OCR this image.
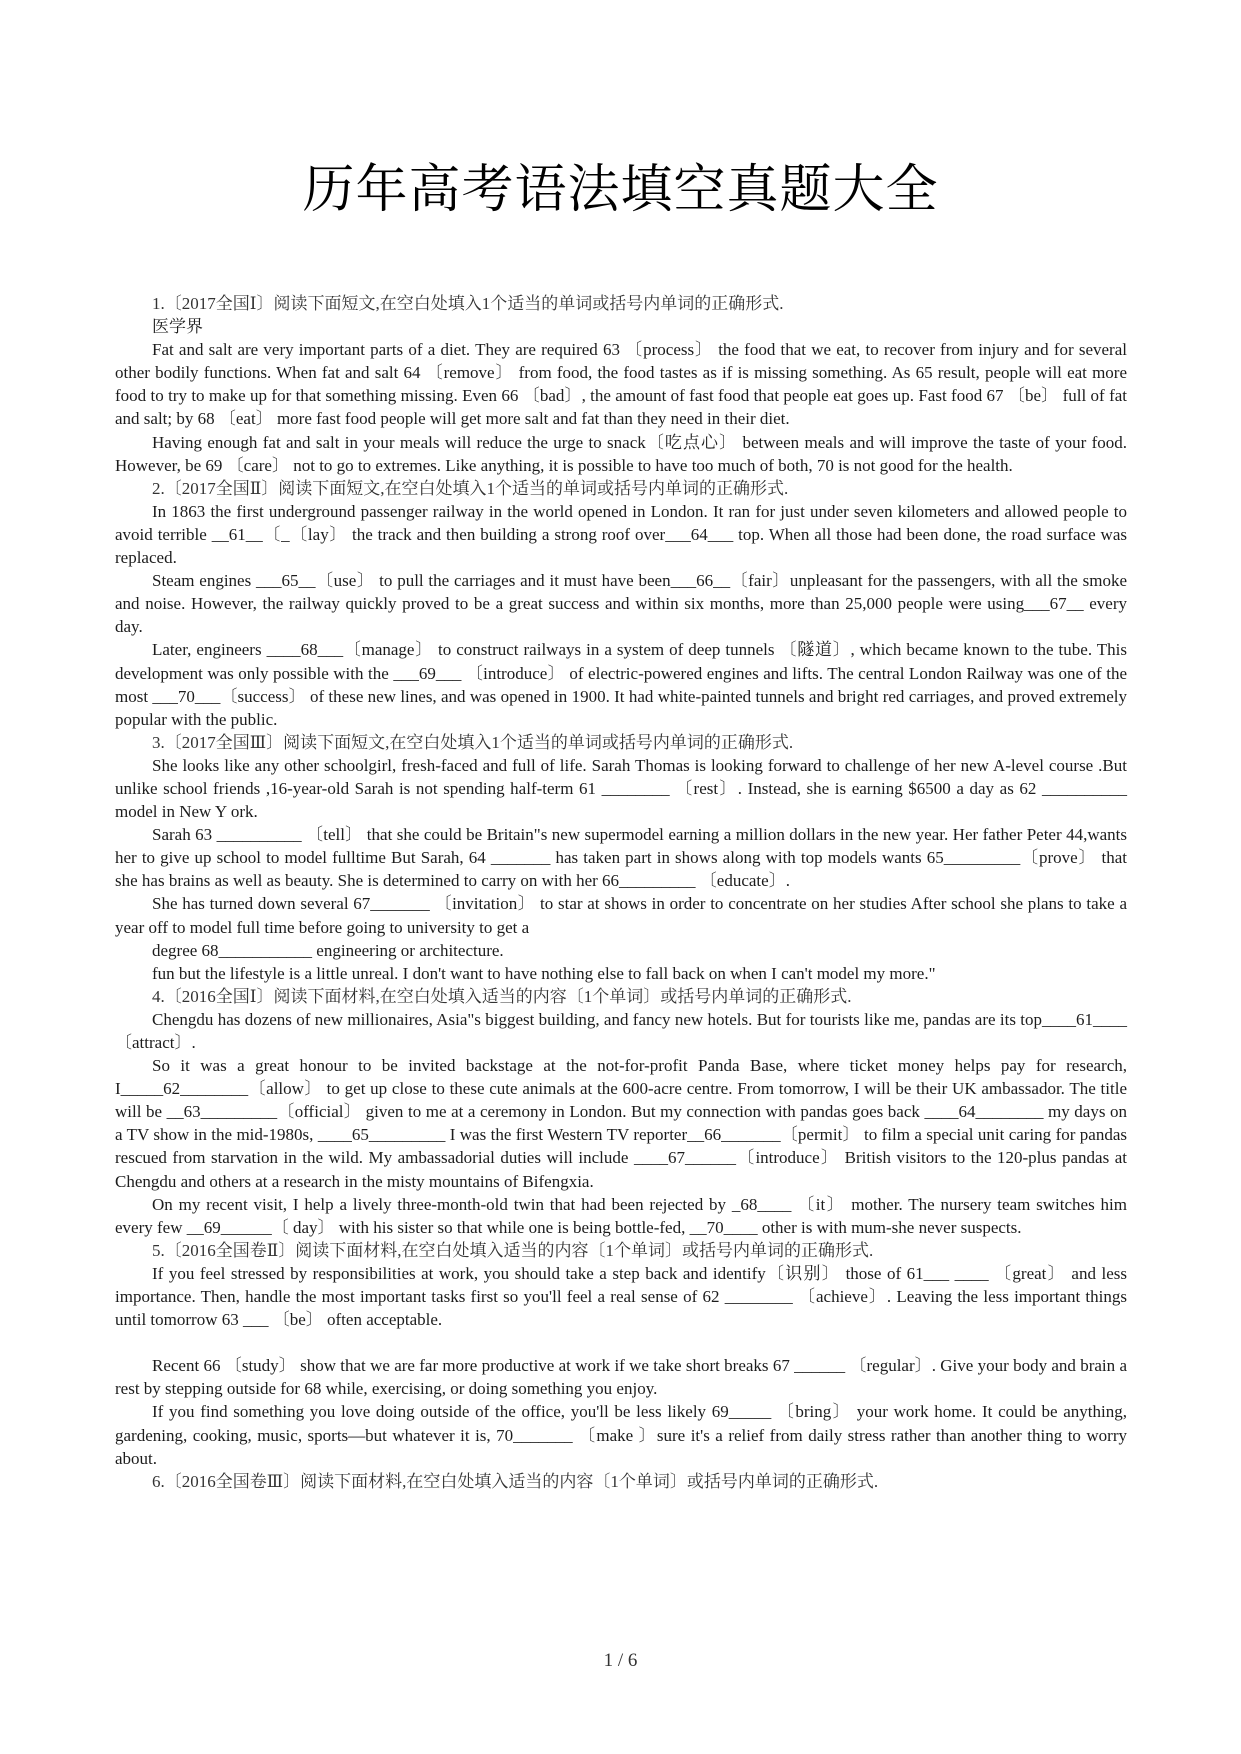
历年高考语法填空真题大全

1.〔2017全国Ⅰ〕阅读下面短文,在空白处填入1个适当的单词或括号内单词的正确形式.

医学界

Fat and salt are very important parts of a diet. They are required 63 〔process〕 the food that we eat, to recover from injury and for several other bodily functions. When fat and salt 64 〔remove〕 from food, the food tastes as if is missing something. As 65 result, people will eat more food to try to make up for that something missing. Even 66 〔bad〕, the amount of fast food that people eat goes up. Fast food 67 〔be〕 full of fat and salt; by 68 〔eat〕 more fast food people will get more salt and fat than they need in their diet.

Having enough fat and salt in your meals will reduce the urge to snack〔吃点心〕 between meals and will improve the taste of your food. However, be 69 〔care〕 not to go to extremes. Like anything, it is possible to have too much of both, 70 is not good for the health.

2.〔2017全国Ⅱ〕阅读下面短文,在空白处填入1个适当的单词或括号内单词的正确形式.

In 1863 the first underground passenger railway in the world opened in London. It ran for just under seven kilometers and allowed people to avoid terrible __61__〔_〔lay〕 the track and then building a strong roof over___64___ top. When all those had been done, the road surface was replaced.

Steam engines ___65__〔use〕 to pull the carriages and it must have been___66__〔fair〕unpleasant for the passengers, with all the smoke and noise. However, the railway quickly proved to be a great success and within six months, more than 25,000 people were using___67__ every day.

Later, engineers ____68___〔manage〕 to construct railways in a system of deep tunnels 〔隧道〕, which became known to the tube. This development was only possible with the ___69___ 〔introduce〕 of electric-powered engines and lifts. The central London Railway was one of the most ___70___〔success〕 of these new lines, and was opened in 1900. It had white-painted tunnels and bright red carriages, and proved extremely popular with the public.

3.〔2017全国Ⅲ〕阅读下面短文,在空白处填入1个适当的单词或括号内单词的正确形式.

She looks like any other schoolgirl, fresh-faced and full of life. Sarah Thomas is looking forward to challenge of her new A-level course .But unlike school friends ,16-year-old Sarah is not spending half-term 61 ________ 〔rest〕. Instead, she is earning $6500 a day as 62 __________ model in New Y ork.

Sarah 63 __________ 〔tell〕 that she could be Britain"s new supermodel earning a million dollars in the new year. Her father Peter 44,wants her to give up school to model fulltime But Sarah, 64 _______ has taken part in shows along with top models wants 65_________〔prove〕 that she has brains as well as beauty. She is determined to carry on with her 66_________ 〔educate〕.

She has turned down several 67_______ 〔invitation〕 to star at shows in order to concentrate on her studies After school she plans to take a year off to model full time before going to university to get a

degree 68___________ engineering or architecture.

fun but the lifestyle is a little unreal. I don't want to have nothing else to fall back on when I can't model my more."

4.〔2016全国Ⅰ〕阅读下面材料,在空白处填入适当的内容〔1个单词〕或括号内单词的正确形式.

Chengdu has dozens of new millionaires, Asia"s biggest building, and fancy new hotels. But for tourists like me, pandas are its top____61____〔attract〕.

So it was a great honour to be invited backstage at the not-for-profit Panda Base, where ticket money helps pay for research, I_____62________〔allow〕 to get up close to these cute animals at the 600-acre centre. From tomorrow, I will be their UK ambassador. The title will be __63_________〔official〕 given to me at a ceremony in London. But my connection with pandas goes back ____64________ my days on a TV show in the mid-1980s, ____65_________ I was the first Western TV reporter__66_______〔permit〕 to film a special unit caring for pandas rescued from starvation in the wild. My ambassadorial duties will include ____67______〔introduce〕 British visitors to the 120-plus pandas at Chengdu and others at a research in the misty mountains of Bifengxia.

On my recent visit, I help a lively three-month-old twin that had been rejected by _68____ 〔it〕 mother. The nursery team switches him every few __69______〔 day〕 with his sister so that while one is being bottle-fed, __70____ other is with mum-she never suspects.

5.〔2016全国卷Ⅱ〕阅读下面材料,在空白处填入适当的内容〔1个单词〕或括号内单词的正确形式.

If you feel stressed by responsibilities at work, you should take a step back and identify〔识别〕 those of 61___ ____ 〔great〕 and less importance. Then, handle the most important tasks first so you'll feel a real sense of 62 ________ 〔achieve〕. Leaving the less important things until tomorrow 63 ___ 〔be〕 often acceptable.

Recent 66 〔study〕 show that we are far more productive at work if we take short breaks 67 ______ 〔regular〕. Give your body and brain a rest by stepping outside for 68 while, exercising, or doing something you enjoy.

If you find something you love doing outside of the office, you'll be less likely 69_____ 〔bring〕 your work home. It could be anything, gardening, cooking, music, sports—but whatever it is, 70_______ 〔make 〕sure it's a relief from daily stress rather than another thing to worry about.

6.〔2016全国卷Ⅲ〕阅读下面材料,在空白处填入适当的内容〔1个单词〕或括号内单词的正确形式.

1 / 6
